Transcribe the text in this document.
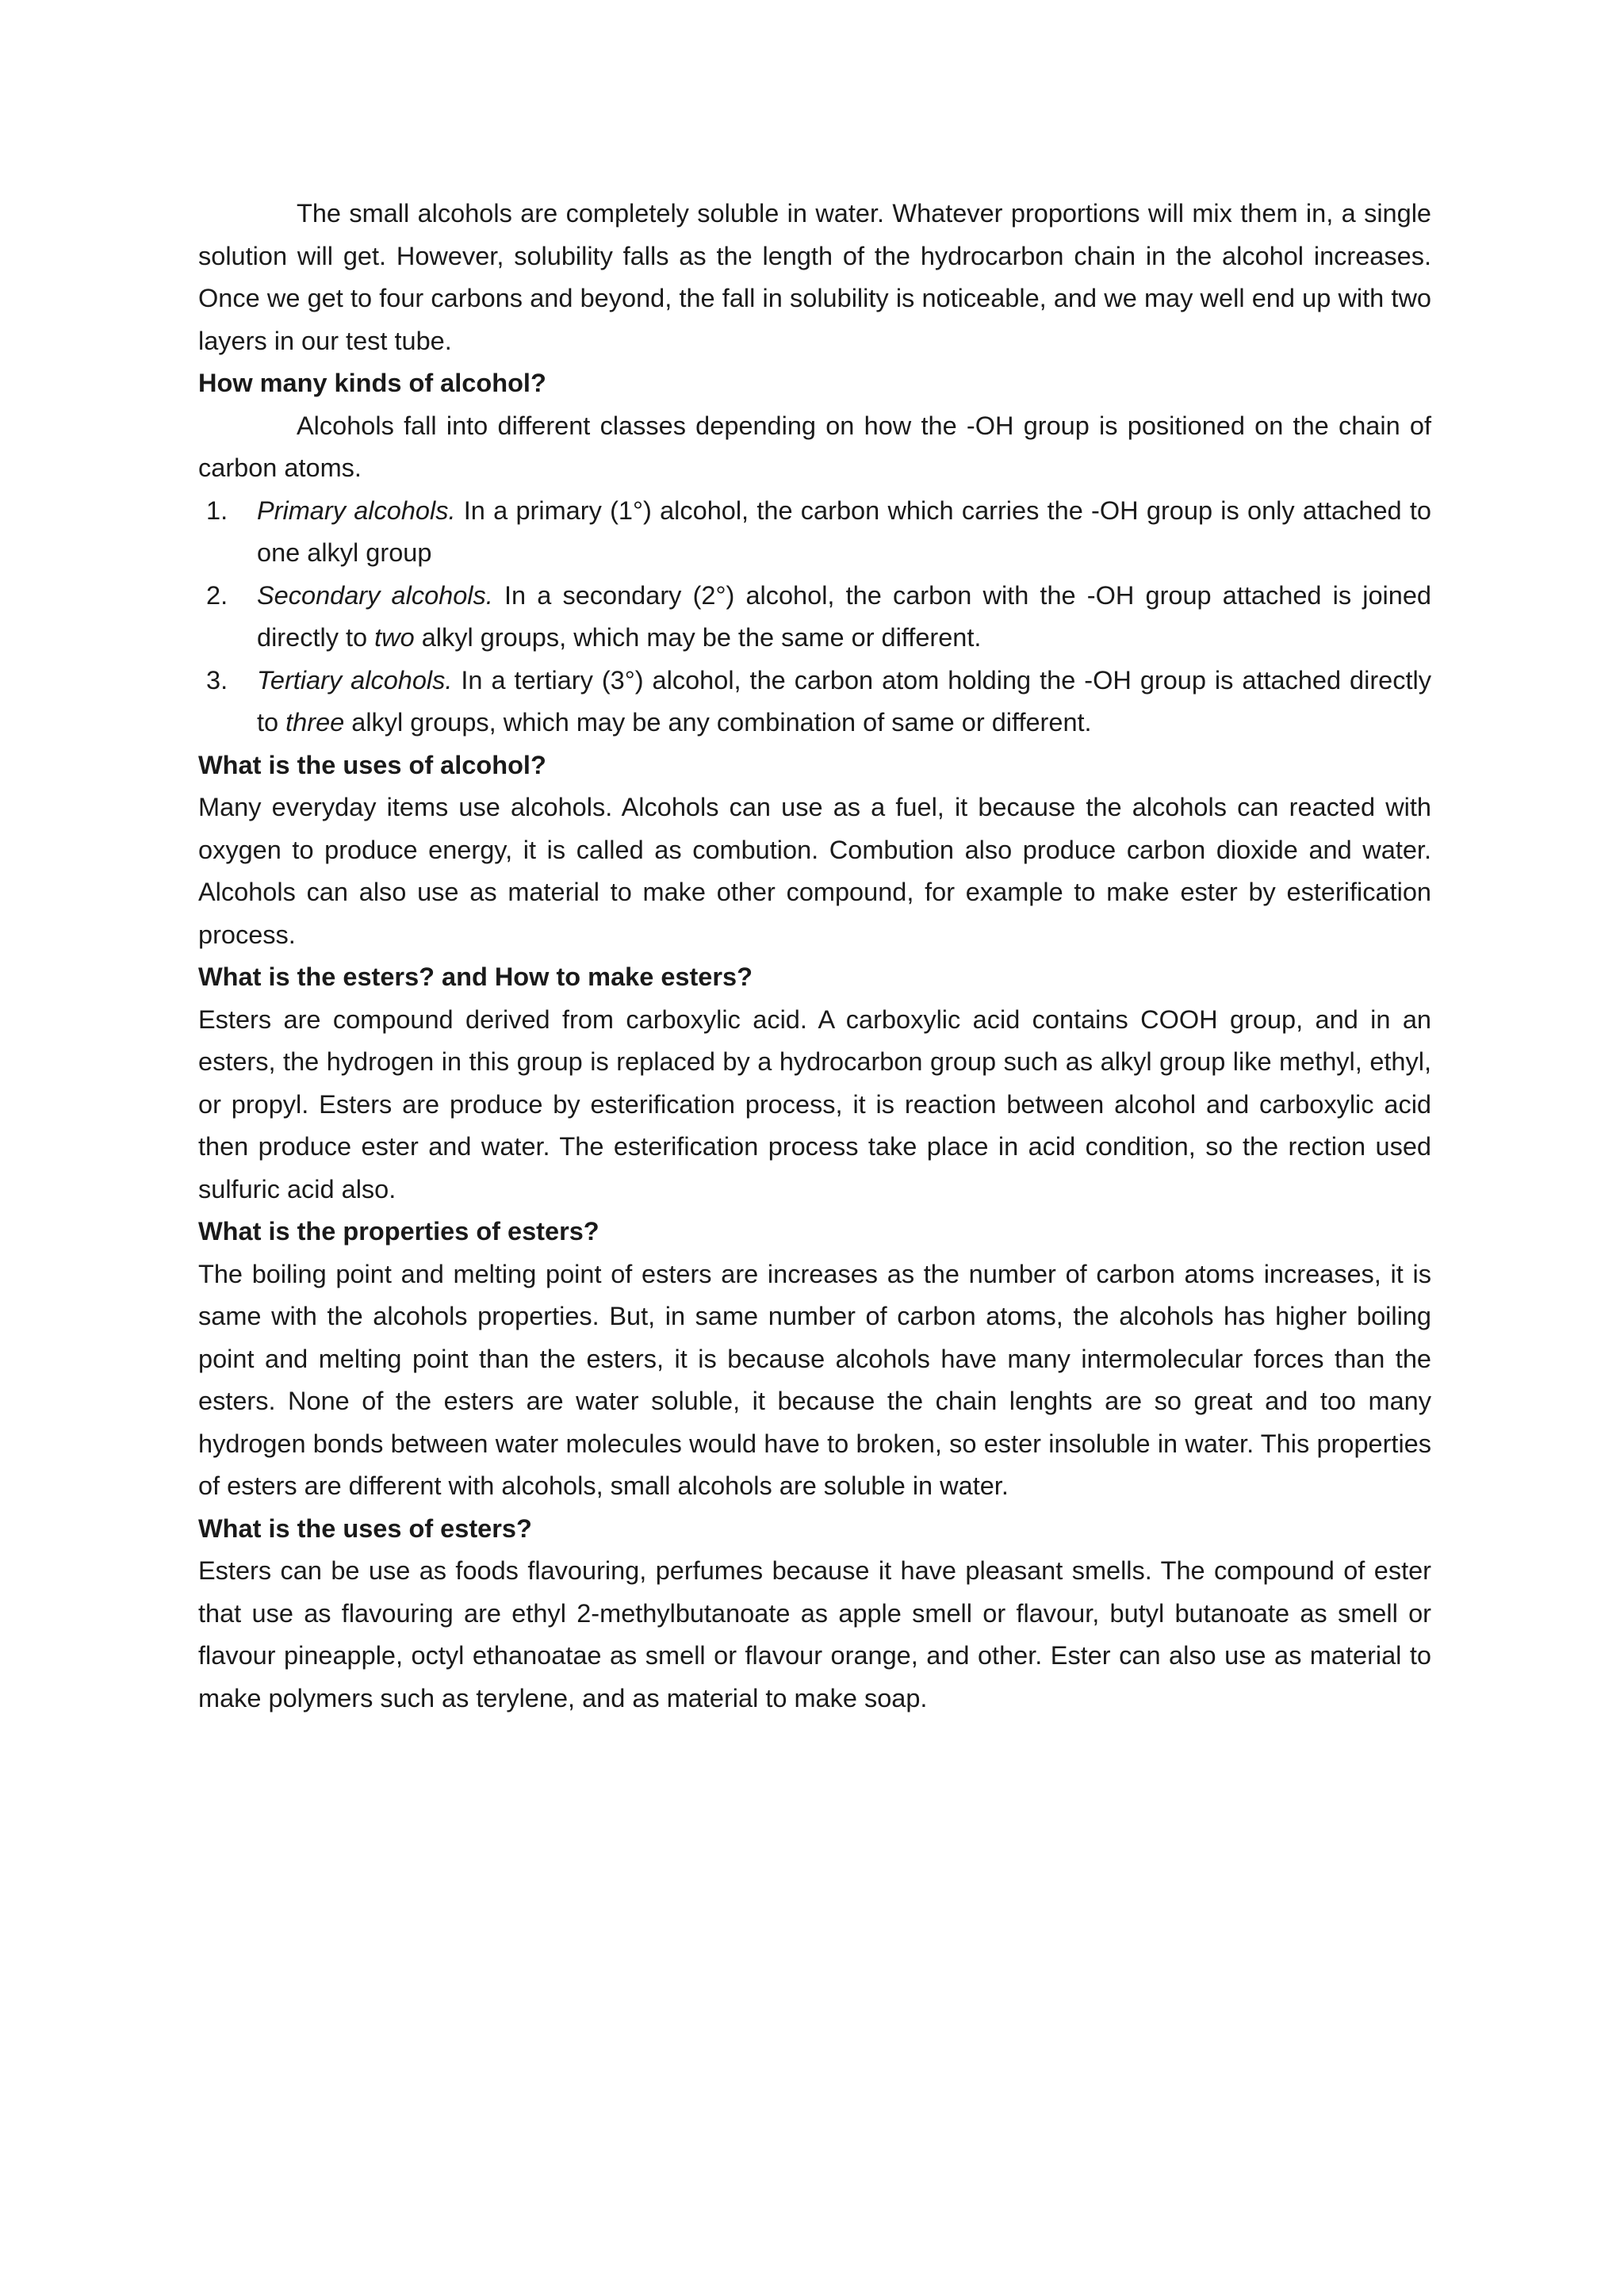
The small alcohols are completely soluble in water. Whatever proportions will mix them in, a single solution will get. However, solubility falls as the length of the hydrocarbon chain in the alcohol increases. Once we get to four carbons and beyond, the fall in solubility is noticeable, and we may well end up with two layers in our test tube.

How many kinds of alcohol?

Alcohols fall into different classes depending on how the -OH group is positioned on the chain of carbon atoms.

1. Primary alcohols. In a primary (1°) alcohol, the carbon which carries the -OH group is only attached to one alkyl group
2. Secondary alcohols. In a secondary (2°) alcohol, the carbon with the -OH group attached is joined directly to two alkyl groups, which may be the same or different.
3. Tertiary alcohols. In a tertiary (3°) alcohol, the carbon atom holding the -OH group is attached directly to three alkyl groups, which may be any combination of same or different.
What is the uses of alcohol?

Many everyday items use alcohols. Alcohols can use as a fuel, it because the alcohols can reacted with oxygen to produce energy, it is called as combution. Combution also produce carbon dioxide and water. Alcohols can also use as material to make other compound, for example to make ester by esterification process.

What is the esters? and How to make esters?

Esters are compound derived from carboxylic acid. A carboxylic acid contains COOH group, and in an esters, the hydrogen in this group is replaced by a hydrocarbon group such as alkyl group like methyl, ethyl, or propyl. Esters are produce by esterification process, it is reaction between alcohol and carboxylic acid then produce ester and water. The esterification process take place in acid condition, so the rection used sulfuric acid also.

What is the properties of esters?

The boiling point and melting point of esters are increases as the number of carbon atoms increases, it is same with the alcohols properties. But, in same number of carbon atoms, the alcohols has higher boiling point and melting point than the esters, it is because alcohols have many intermolecular forces than the esters. None of the esters are water soluble, it because the chain lenghts are so great and too many hydrogen bonds between water molecules would have to broken, so ester insoluble in water. This properties of esters are different with alcohols, small alcohols are soluble in water.

What is the uses of esters?

Esters can be use as foods flavouring, perfumes because it have pleasant smells. The compound of ester that use as flavouring are ethyl 2-methylbutanoate as apple smell or flavour, butyl butanoate as smell or flavour pineapple, octyl ethanoatae as smell or flavour orange, and other. Ester can also use as material to make polymers such as terylene, and as material to make soap.
